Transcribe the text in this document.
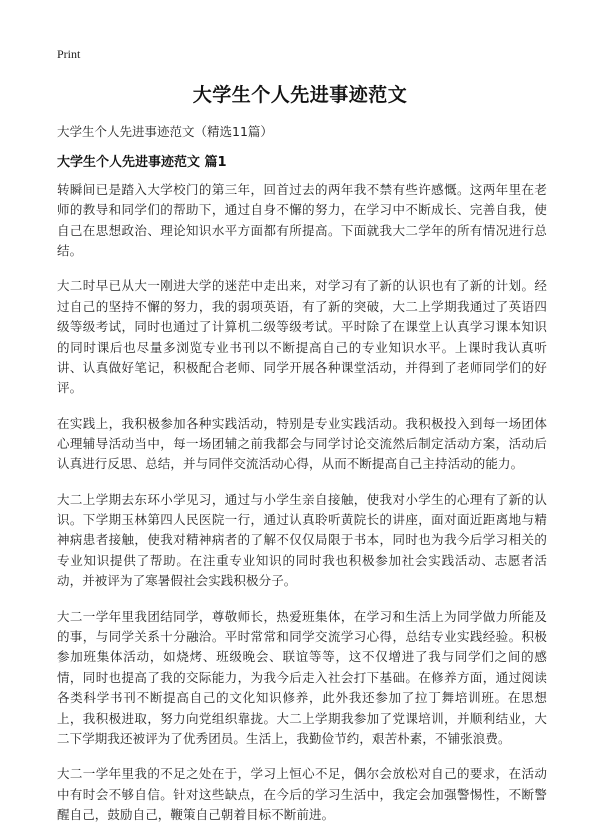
Print
大学生个人先进事迹范文
大学生个人先进事迹范文（精选11篇）
大学生个人先进事迹范文 篇1

转瞬间已是踏入大学校门的第三年，回首过去的两年我不禁有些许感慨。这两年里在老师的教导和同学们的帮助下，通过自身不懈的努力，在学习中不断成长、完善自我，使自己在思想政治、理论知识水平方面都有所提高。下面就我大二学年的所有情况进行总结。

大二时早已从大一刚进大学的迷茫中走出来，对学习有了新的认识也有了新的计划。经过自己的坚持不懈的努力，我的弱项英语，有了新的突破，大二上学期我通过了英语四级等级考试，同时也通过了计算机二级等级考试。平时除了在课堂上认真学习课本知识的同时课后也尽量多浏览专业书刊以不断提高自己的专业知识水平。上课时我认真听讲、认真做好笔记，积极配合老师、同学开展各种课堂活动，并得到了老师同学们的好评。

在实践上，我积极参加各种实践活动，特别是专业实践活动。我积极投入到每一场团体心理辅导活动当中，每一场团辅之前我都会与同学讨论交流然后制定活动方案，活动后认真进行反思、总结，并与同伴交流活动心得，从而不断提高自己主持活动的能力。

大二上学期去东环小学见习，通过与小学生亲自接触，使我对小学生的心理有了新的认识。下学期玉林第四人民医院一行，通过认真聆听黄院长的讲座，面对面近距离地与精神病患者接触，使我对精神病者的了解不仅仅局限于书本，同时也为我今后学习相关的专业知识提供了帮助。在注重专业知识的同时我也积极参加社会实践活动、志愿者活动，并被评为了寒暑假社会实践积极分子。

大二一学年里我团结同学，尊敬师长，热爱班集体，在学习和生活上为同学做力所能及的事，与同学关系十分融洽。平时常常和同学交流学习心得，总结专业实践经验。积极参加班集体活动，如烧烤、班级晚会、联谊等等，这不仅增进了我与同学们之间的感情，同时也提高了我的交际能力，为我今后走入社会打下基础。在修养方面，通过阅读各类科学书刊不断提高自己的文化知识修养，此外我还参加了拉丁舞培训班。在思想上，我积极进取，努力向党组织靠拢。大二上学期我参加了党课培训，并顺利结业，大二下学期我还被评为了优秀团员。生活上，我勤俭节约，艰苦朴素，不铺张浪费。

大二一学年里我的不足之处在于，学习上恒心不足，偶尔会放松对自己的要求，在活动中有时会不够自信。针对这些缺点，在今后的学习生活中，我定会加强警惕性，不断警醒自己，鼓励自己，鞭策自己朝着目标不断前进。
